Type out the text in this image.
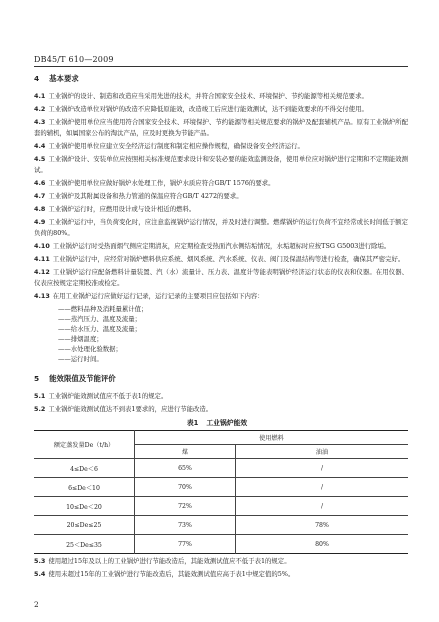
DB45/T 610—2009
4 基本要求
4.1 工业锅炉的设计、制造和改造应当采用先进的技术，并符合国家安全技术、环境保护、节约能源等相关规范要求。
4.2 工业锅炉改造单位对锅炉的改造不应降低原能效，改造竣工后应进行能效测试，达不到能效要求的不得交付使用。
4.3 工业锅炉使用单位应当使用符合国家安全技术、环境保护、节约能源等相关规范要求的锅炉及配套辅机产品。原有工业锅炉所配套的辅机，如属国家公布的淘汰产品，应及时更换为节能产品。
4.4 工业锅炉使用单位应建立安全经济运行制度和制定相应操作规程，确保设备安全经济运行。
4.5 工业锅炉设计、安装单位应按照相关标准规范要求设计和安装必要的能效监测设备，使用单位应对锅炉进行定期和不定期能效测试。
4.6 工业锅炉使用单位应做好锅炉水处理工作，锅炉水质应符合GB/T 1576的要求。
4.7 工业锅炉及其附属设备和热力管道的保温应符合GB/T 4272的要求。
4.8 工业锅炉运行时，应燃用设计或与设计相近的燃料。
4.9 工业锅炉运行中，当负荷变化时，应注意监视锅炉运行情况，并及时进行调整。燃煤锅炉的运行负荷不宜经常或长时间低于额定负荷的80%。
4.10 工业锅炉运行时受热面烟气侧应定期清灰，应定期检查受热面汽水侧结垢情况，水垢超标时应按TSG G5003进行除垢。
4.11 工业锅炉运行中，应经常对锅炉燃料供应系统、烟风系统、汽水系统、仪表、阀门及保温结构等进行检查，确保其严密完好。
4.12 工业锅炉运行应配备燃料计量装置、汽（水）流量计、压力表、温度计等能表明锅炉经济运行状态的仪表和仪器。在用仪器、仪表应按规定定期校准或检定。
4.13 在用工业锅炉运行应做好运行记录，运行记录的主要项目应包括如下内容：
——燃料品种及消耗量累计值；
——蒸汽压力、温度及流量；
——给水压力、温度及流量；
——排烟温度；
——水处理化验数据；
——运行时间。
5 能效限值及节能评价
5.1 工业锅炉能效测试值应不低于表1的规定。
5.2 工业锅炉能效测试值达不到表1要求的，应进行节能改造。
表1 工业锅炉能效
额定蒸发量De（t/h）	使用燃料	
	煤	油油
4≤De＜6	65%	/
6≤De＜10	70%	/
10≤De＜20	72%	/
20≤De≤25	73%	78%
25＜De≤35	77%	80%
5.3 使用超过15年及以上的工业锅炉进行节能改造后，其能效测试值应不低于表1的规定。
5.4 使用未超过15年的工业锅炉进行节能改造后，其能效测试值应高于表1中规定值的5%。
2
